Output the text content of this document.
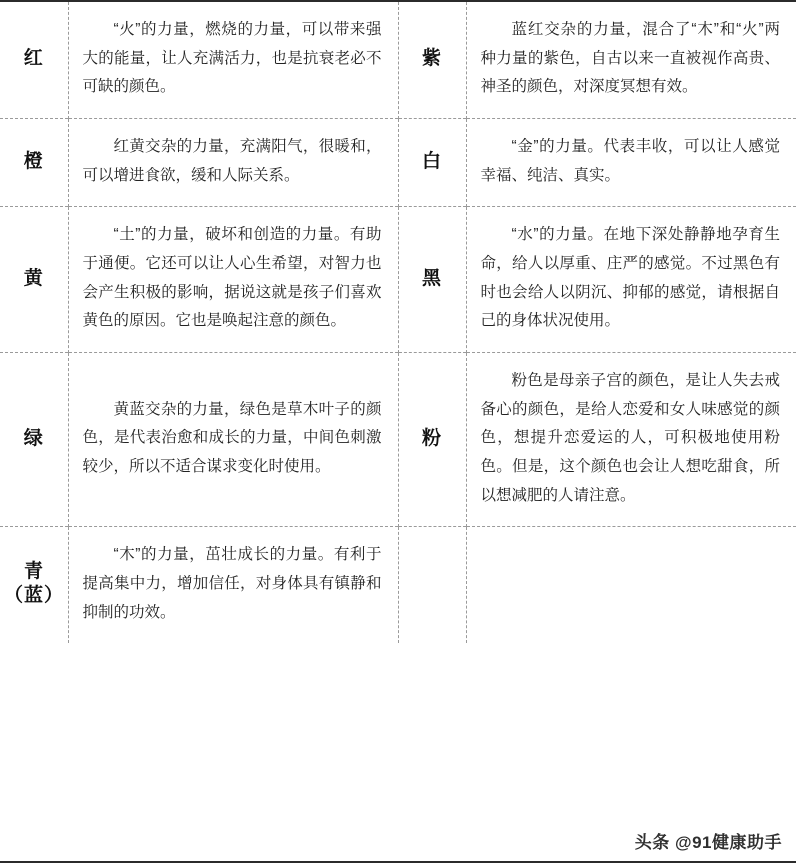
红	“火”的力量，燃烧的力量，可以带来强大的能量，让人充满活力，也是抗衰老必不可缺的颜色。	紫	蓝红交杂的力量，混合了“木”和“火”两种力量的紫色，自古以来一直被视作高贵、神圣的颜色，对深度冥想有效。

橙	红黄交杂的力量，充满阳气，很暖和，可以增进食欲，缓和人际关系。	白	“金”的力量。代表丰收，可以让人感觉幸福、纯洁、真实。

黄	“土”的力量，破坏和创造的力量。有助于通便。它还可以让人心生希望，对智力也会产生积极的影响，据说这就是孩子们喜欢黄色的原因。它也是唤起注意的颜色。	黑	“水”的力量。在地下深处静静地孕育生命，给人以厚重、庄严的感觉。不过黑色有时也会给人以阴沉、抑郁的感觉，请根据自己的身体状况使用。

绿	黄蓝交杂的力量，绿色是草木叶子的颜色，是代表治愈和成长的力量，中间色刺激较少，所以不适合谋求变化时使用。	粉	粉色是母亲子宫的颜色，是让人失去戒备心的颜色，是给人恋爱和女人味感觉的颜色，想提升恋爱运的人，可积极地使用粉色。但是，这个颜色也会让人想吃甜食，所以想减肥的人请注意。

青（蓝）	“木”的力量，茁壮成长的力量。有利于提高集中力，增加信任，对身体具有镇静和抑制的功效。		

头条 @91健康助手
